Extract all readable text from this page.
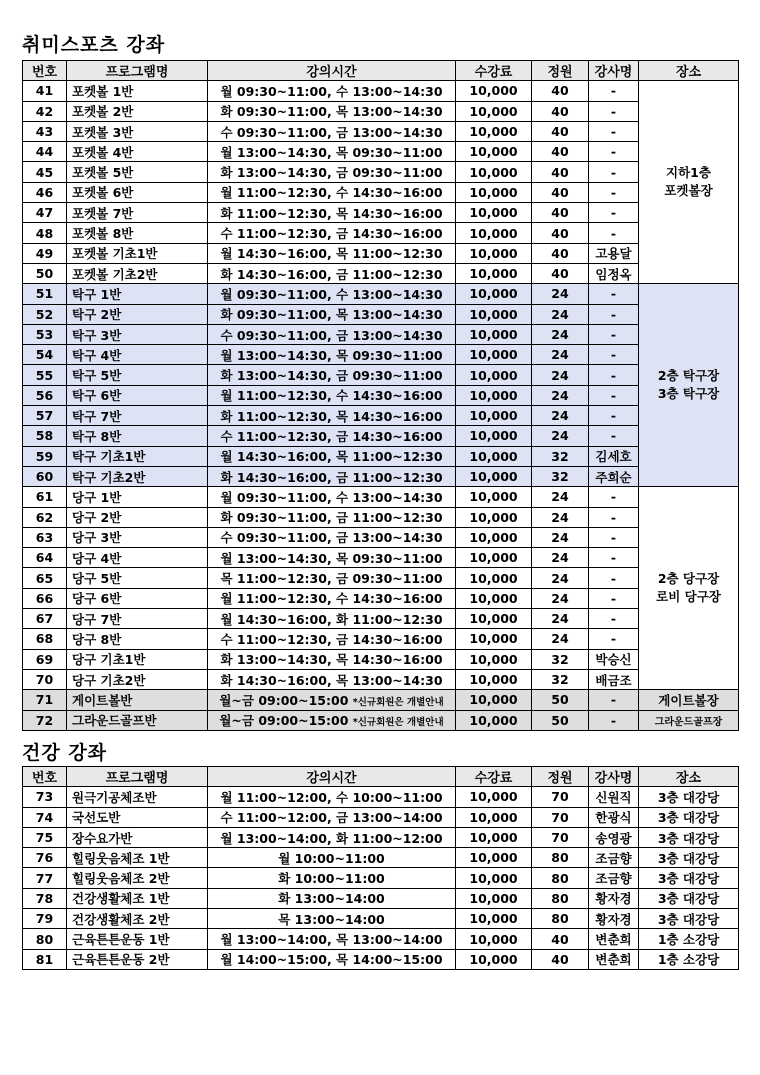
취미스포츠 강좌
번호	프로그램명	강의시간	수강료	정원	강사명	장소
41	포켓볼 1반	월 09:30~11:00, 수 13:00~14:30	10,000	40	-	지하1층
포켓볼장

42	포켓볼 2반	화 09:30~11:00, 목 13:00~14:30	10,000	40	-	
43	포켓볼 3반	수 09:30~11:00, 금 13:00~14:30	10,000	40	-	
44	포켓볼 4반	월 13:00~14:30, 목 09:30~11:00	10,000	40	-	
45	포켓볼 5반	화 13:00~14:30, 금 09:30~11:00	10,000	40	-	
46	포켓볼 6반	월 11:00~12:30, 수 14:30~16:00	10,000	40	-	
47	포켓볼 7반	화 11:00~12:30, 목 14:30~16:00	10,000	40	-	
48	포켓볼 8반	수 11:00~12:30, 금 14:30~16:00	10,000	40	-	
49	포켓볼 기초1반	월 14:30~16:00, 목 11:00~12:30	10,000	40	고용달	
50	포켓볼 기초2반	화 14:30~16:00, 금 11:00~12:30	10,000	40	임정옥	
51	탁구 1반	월 09:30~11:00, 수 13:00~14:30	10,000	24	-	2층 탁구장
3층 탁구장

52	탁구 2반	화 09:30~11:00, 목 13:00~14:30	10,000	24	-	
53	탁구 3반	수 09:30~11:00, 금 13:00~14:30	10,000	24	-	
54	탁구 4반	월 13:00~14:30, 목 09:30~11:00	10,000	24	-	
55	탁구 5반	화 13:00~14:30, 금 09:30~11:00	10,000	24	-	
56	탁구 6반	월 11:00~12:30, 수 14:30~16:00	10,000	24	-	
57	탁구 7반	화 11:00~12:30, 목 14:30~16:00	10,000	24	-	
58	탁구 8반	수 11:00~12:30, 금 14:30~16:00	10,000	24	-	
59	탁구 기초1반	월 14:30~16:00, 목 11:00~12:30	10,000	32	김세호	
60	탁구 기초2반	화 14:30~16:00, 금 11:00~12:30	10,000	32	주희순	
61	당구 1반	월 09:30~11:00, 수 13:00~14:30	10,000	24	-	2층 당구장
로비 당구장

62	당구 2반	화 09:30~11:00, 금 11:00~12:30	10,000	24	-	
63	당구 3반	수 09:30~11:00, 금 13:00~14:30	10,000	24	-	
64	당구 4반	월 13:00~14:30, 목 09:30~11:00	10,000	24	-	
65	당구 5반	목 11:00~12:30, 금 09:30~11:00	10,000	24	-	
66	당구 6반	월 11:00~12:30, 수 14:30~16:00	10,000	24	-	
67	당구 7반	월 14:30~16:00, 화 11:00~12:30	10,000	24	-	
68	당구 8반	수 11:00~12:30, 금 14:30~16:00	10,000	24	-	
69	당구 기초1반	화 13:00~14:30, 목 14:30~16:00	10,000	32	박승신	
70	당구 기초2반	화 14:30~16:00, 목 13:00~14:30	10,000	32	배금조	
71	게이트볼반	월~금 09:00~15:00 *신규회원은 개별안내	10,000	50	-	게이트볼장
72	그라운드골프반	월~금 09:00~15:00 *신규회원은 개별안내	10,000	50	-	그라운드골프장
건강 강좌
번호	프로그램명	강의시간	수강료	정원	강사명	장소
73	원극기공체조반	월 11:00~12:00, 수 10:00~11:00	10,000	70	신원직	3층 대강당
74	국선도반	수 11:00~12:00, 금 13:00~14:00	10,000	70	한광식	3층 대강당
75	장수요가반	월 13:00~14:00, 화 11:00~12:00	10,000	70	송영광	3층 대강당
76	힐링웃음체조 1반	월 10:00~11:00	10,000	80	조금향	3층 대강당
77	힐링웃음체조 2반	화 10:00~11:00	10,000	80	조금향	3층 대강당
78	건강생활체조 1반	화 13:00~14:00	10,000	80	황자경	3층 대강당
79	건강생활체조 2반	목 13:00~14:00	10,000	80	황자경	3층 대강당
80	근육튼튼운동 1반	월 13:00~14:00, 목 13:00~14:00	10,000	40	변춘희	1층 소강당
81	근육튼튼운동 2반	월 14:00~15:00, 목 14:00~15:00	10,000	40	변춘희	1층 소강당
